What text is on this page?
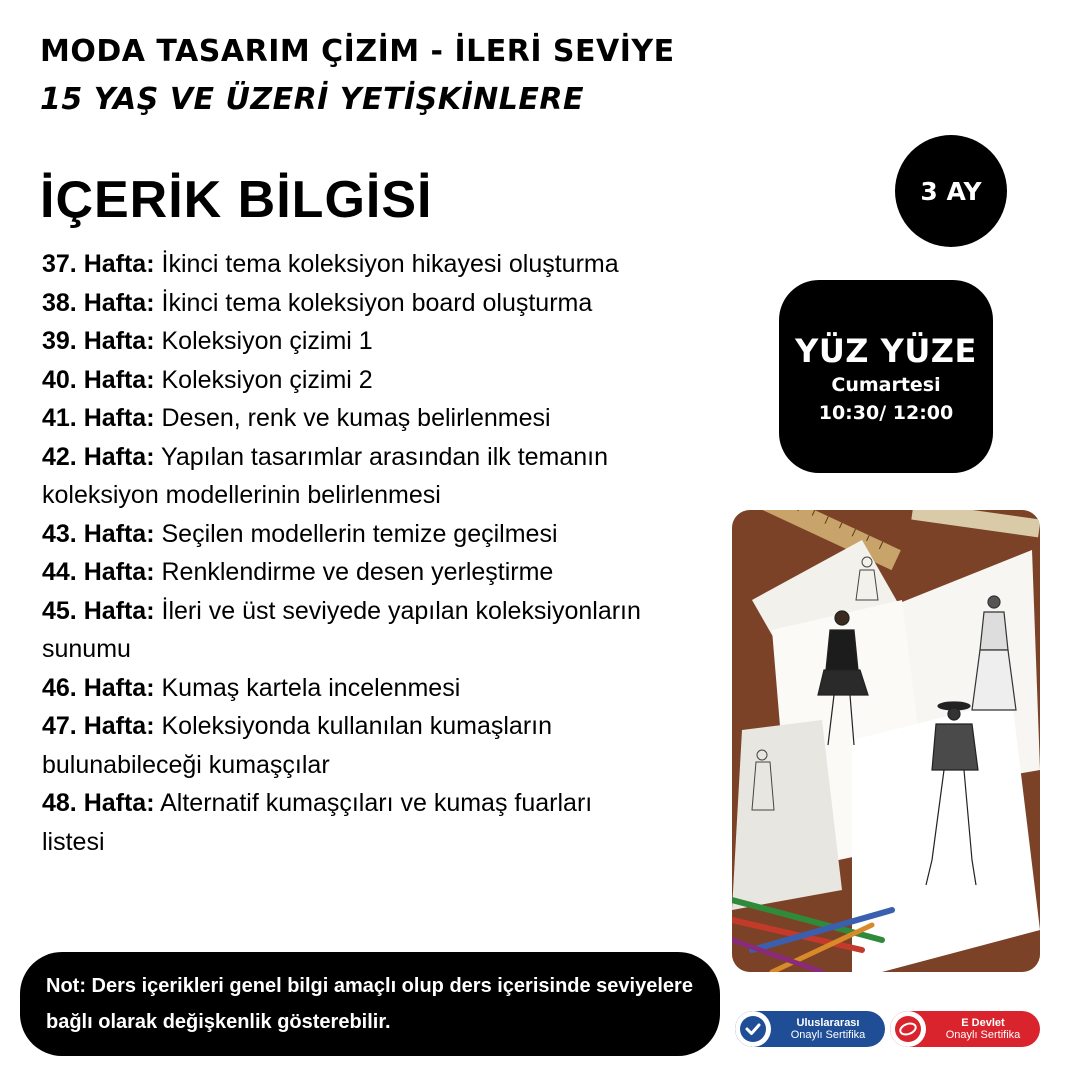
MODA TASARIM ÇİZİM - İLERİ SEVİYE
15 YAŞ VE ÜZERİ YETİŞKİNLERE
İÇERİK BİLGİSİ
37. Hafta: İkinci tema koleksiyon hikayesi oluşturma
38. Hafta: İkinci tema koleksiyon board oluşturma
39. Hafta: Koleksiyon çizimi 1
40. Hafta: Koleksiyon çizimi 2
41. Hafta: Desen, renk ve kumaş belirlenmesi
42. Hafta: Yapılan tasarımlar arasından ilk temanın koleksiyon modellerinin belirlenmesi
43. Hafta: Seçilen modellerin temize geçilmesi
44. Hafta: Renklendirme ve desen yerleştirme
45. Hafta: İleri ve üst seviyede yapılan koleksiyonların sunumu
46. Hafta: Kumaş kartela incelenmesi
47. Hafta: Koleksiyonda kullanılan kumaşların bulunabileceği kumaşçılar
48. Hafta: Alternatif kumaşçıları ve kumaş fuarları listesi
3 AY
YÜZ YÜZE
Cumartesi
10:30/ 12:00
Not: Ders içerikleri genel bilgi amaçlı olup ders içerisinde seviyelere bağlı olarak değişkenlik gösterebilir.	Uluslararası
Onaylı Sertifika
E Devlet
Onaylı Sertifika
